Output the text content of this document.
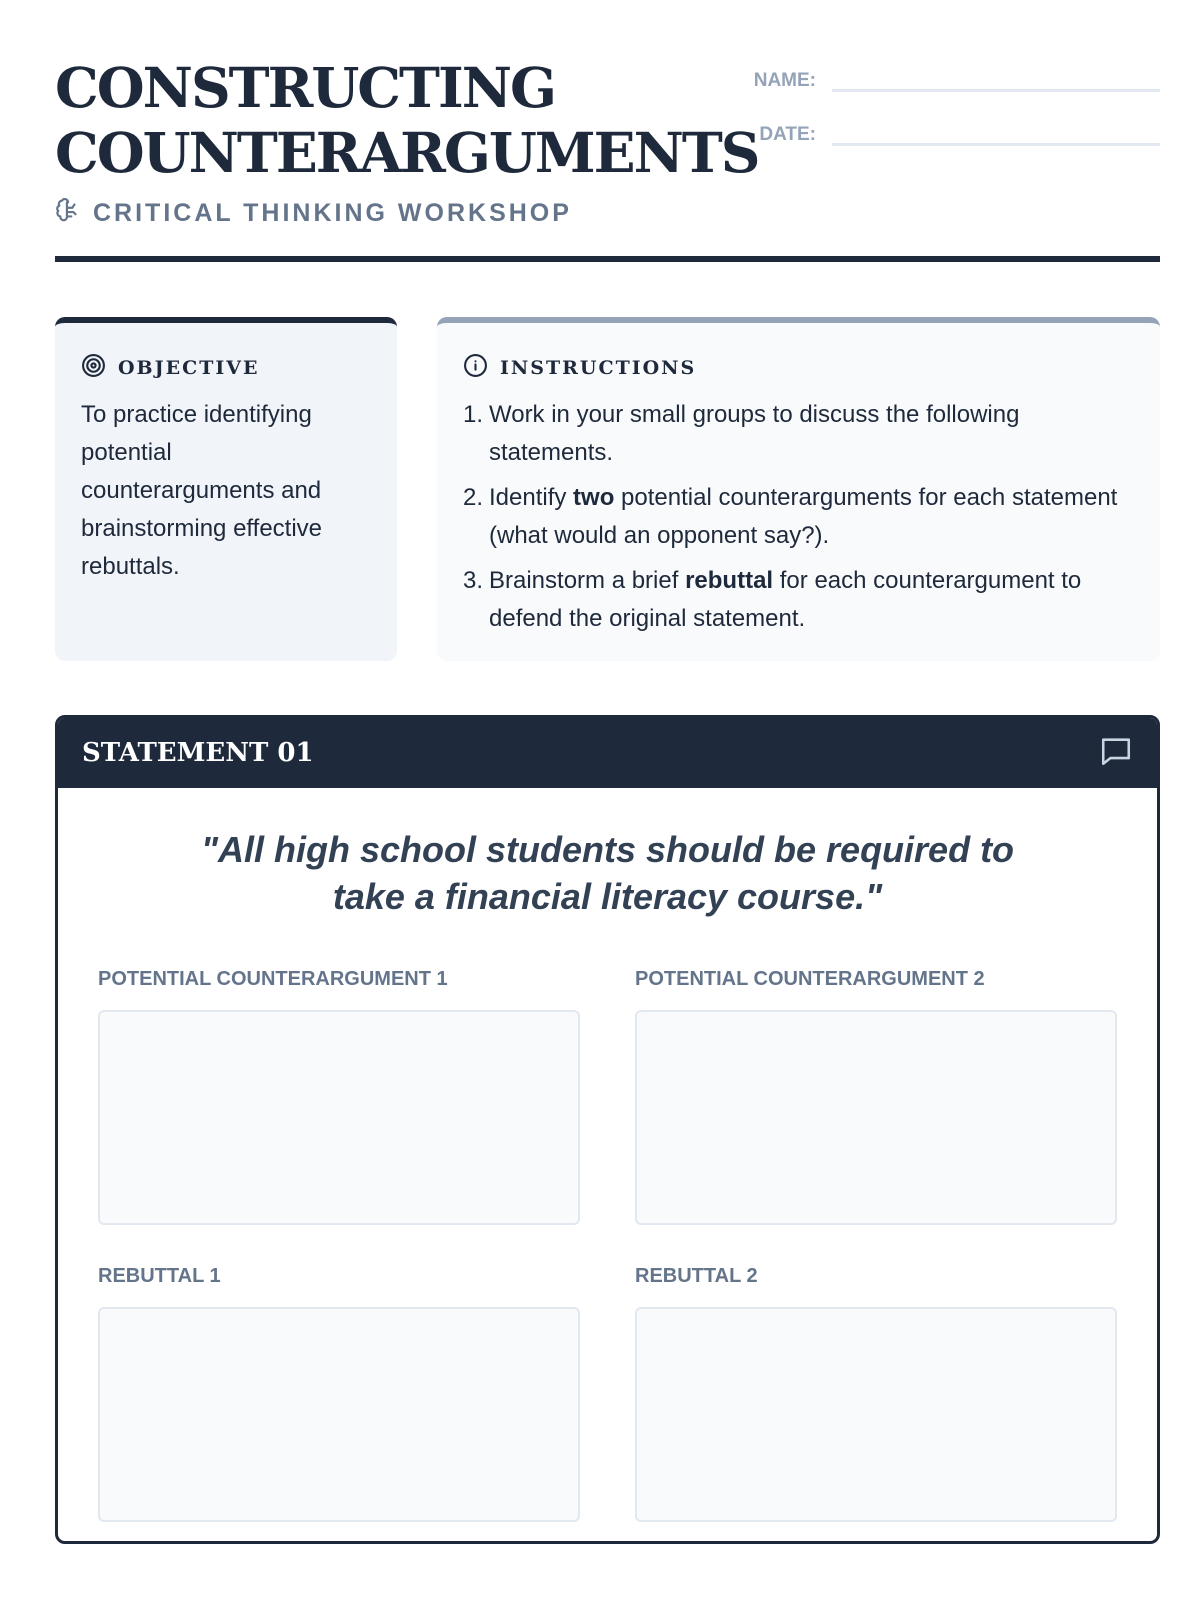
CONSTRUCTING
COUNTERARGUMENTS
CRITICAL THINKING WORKSHOP
NAME:
DATE:
OBJECTIVE

To practice identifying potential counterarguments and brainstorming effective rebuttals.

INSTRUCTIONS
1. Work in your small groups to discuss the following statements.
2. Identify two potential counterarguments for each statement (what would an opponent say?).
3. Brainstorm a brief rebuttal for each counterargument to defend the original statement.
STATEMENT 01

"All high school students should be required to take a financial literacy course."

POTENTIAL COUNTERARGUMENT 1	POTENTIAL COUNTERARGUMENT 2
REBUTTAL 1	REBUTTAL 2
